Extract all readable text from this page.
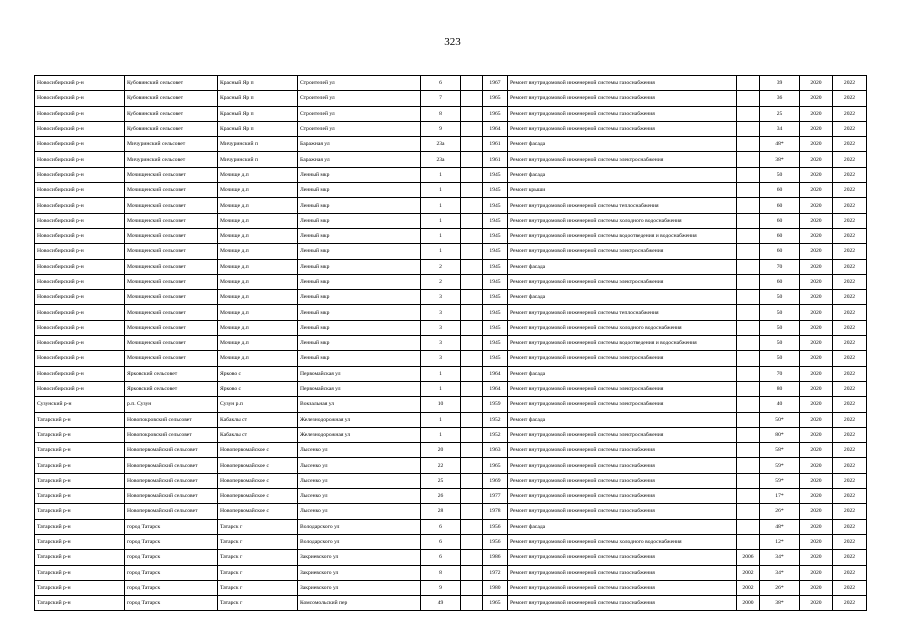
323
Новосибирский р-н	Кубовинский сельсовет	Красный Яр п	Строителей ул	6		1967	Ремонт внутридомовой инженерной системы газоснабжения		39	2020	2022
Новосибирский р-н	Кубовинский сельсовет	Красный Яр п	Строителей ул	7		1965	Ремонт внутридомовой инженерной системы газоснабжения		36	2020	2022
Новосибирский р-н	Кубовинский сельсовет	Красный Яр п	Строителей ул	8		1965	Ремонт внутридомовой инженерной системы газоснабжения		25	2020	2022
Новосибирский р-н	Кубовинский сельсовет	Красный Яр п	Строителей ул	9		1964	Ремонт внутридомовой инженерной системы газоснабжения		34	2020	2022
Новосибирский р-н	Мичуринский сельсовет	Мичуринский п	Баражная ул	23а		1961	Ремонт фасада		48*	2020	2022
Новосибирский р-н	Мичуринский сельсовет	Мичуринский п	Баражная ул	23а		1961	Ремонт внутридомовой инженерной системы электроснабжения		38*	2020	2022
Новосибирский р-н	Мочищенский сельсовет	Мочище д.п	Ленный мкр	1		1945	Ремонт фасада		50	2020	2022
Новосибирский р-н	Мочищенский сельсовет	Мочище д.п	Ленный мкр	1		1945	Ремонт крыши		60	2020	2022
Новосибирский р-н	Мочищенский сельсовет	Мочище д.п	Ленный мкр	1		1945	Ремонт внутридомовой инженерной системы теплоснабжения		60	2020	2022
Новосибирский р-н	Мочищенский сельсовет	Мочище д.п	Ленный мкр	1		1945	Ремонт внутридомовой инженерной системы холодного водоснабжения		60	2020	2022
Новосибирский р-н	Мочищенский сельсовет	Мочище д.п	Ленный мкр	1		1945	Ремонт внутридомовой инженерной системы водоотведения и водоснабжения		60	2020	2022
Новосибирский р-н	Мочищенский сельсовет	Мочище д.п	Ленный мкр	1		1945	Ремонт внутридомовой инженерной системы электроснабжения		60	2020	2022
Новосибирский р-н	Мочищенский сельсовет	Мочище д.п	Ленный мкр	2		1945	Ремонт фасада		70	2020	2022
Новосибирский р-н	Мочищенский сельсовет	Мочище д.п	Ленный мкр	2		1945	Ремонт внутридомовой инженерной системы электроснабжения		60	2020	2022
Новосибирский р-н	Мочищенский сельсовет	Мочище д.п	Ленный мкр	3		1945	Ремонт фасада		50	2020	2022
Новосибирский р-н	Мочищенский сельсовет	Мочище д.п	Ленный мкр	3		1945	Ремонт внутридомовой инженерной системы теплоснабжения		50	2020	2022
Новосибирский р-н	Мочищенский сельсовет	Мочище д.п	Ленный мкр	3		1945	Ремонт внутридомовой инженерной системы холодного водоснабжения		50	2020	2022
Новосибирский р-н	Мочищенский сельсовет	Мочище д.п	Ленный мкр	3		1945	Ремонт внутридомовой инженерной системы водоотведения и водоснабжения		50	2020	2022
Новосибирский р-н	Мочищенский сельсовет	Мочище д.п	Ленный мкр	3		1945	Ремонт внутридомовой инженерной системы электроснабжения		50	2020	2022
Новосибирский р-н	Ярковский сельсовет	Ярково с	Первомайская ул	1		1964	Ремонт фасада		70	2020	2022
Новосибирский р-н	Ярковский сельсовет	Ярково с	Первомайская ул	1		1964	Ремонт внутридомовой инженерной системы электроснабжения		80	2020	2022
Сузунский р-н	р.п. Сузун	Сузун р.п	Вокзальная ул	10		1959	Ремонт внутридомовой инженерной системы электроснабжения		40	2020	2022
Татарский р-н	Новопокровский сельсовет	Кабаклы ст	Железнодорожная ул	1		1952	Ремонт фасада		50*	2020	2022
Татарский р-н	Новопокровский сельсовет	Кабаклы ст	Железнодорожная ул	1		1952	Ремонт внутридомовой инженерной системы электроснабжения		80*	2020	2022
Татарский р-н	Новопервомайский сельсовет	Новопервомайское с	Лысенко ул	20		1963	Ремонт внутридомовой инженерной системы газоснабжения		58*	2020	2022
Татарский р-н	Новопервомайский сельсовет	Новопервомайское с	Лысенко ул	22		1965	Ремонт внутридомовой инженерной системы газоснабжения		59*	2020	2022
Татарский р-н	Новопервомайский сельсовет	Новопервомайское с	Лысенко ул	25		1969	Ремонт внутридомовой инженерной системы газоснабжения		59*	2020	2022
Татарский р-н	Новопервомайский сельсовет	Новопервомайское с	Лысенко ул	26		1977	Ремонт внутридомовой инженерной системы газоснабжения		17*	2020	2022
Татарский р-н	Новопервомайский сельсовет	Новопервомайское с	Лысенко ул	28		1978	Ремонт внутридомовой инженерной системы газоснабжения		26*	2020	2022
Татарский р-н	город Татарск	Татарск г	Володарского ул	6		1956	Ремонт фасада		48*	2020	2022
Татарский р-н	город Татарск	Татарск г	Володарского ул	6		1956	Ремонт внутридомовой инженерной системы холодного водоснабжения		12*	2020	2022
Татарский р-н	город Татарск	Татарск г	Закриевского ул	6		1986	Ремонт внутридомовой инженерной системы газоснабжения	2006	34*	2020	2022
Татарский р-н	город Татарск	Татарск г	Закриевского ул	8		1972	Ремонт внутридомовой инженерной системы газоснабжения	2002	34*	2020	2022
Татарский р-н	город Татарск	Татарск г	Закриевского ул	9		1980	Ремонт внутридомовой инженерной системы газоснабжения	2002	26*	2020	2022
Татарский р-н	город Татарск	Татарск г	Комсомольский пер	49		1965	Ремонт внутридомовой инженерной системы газоснабжения	2000	38*	2020	2022
